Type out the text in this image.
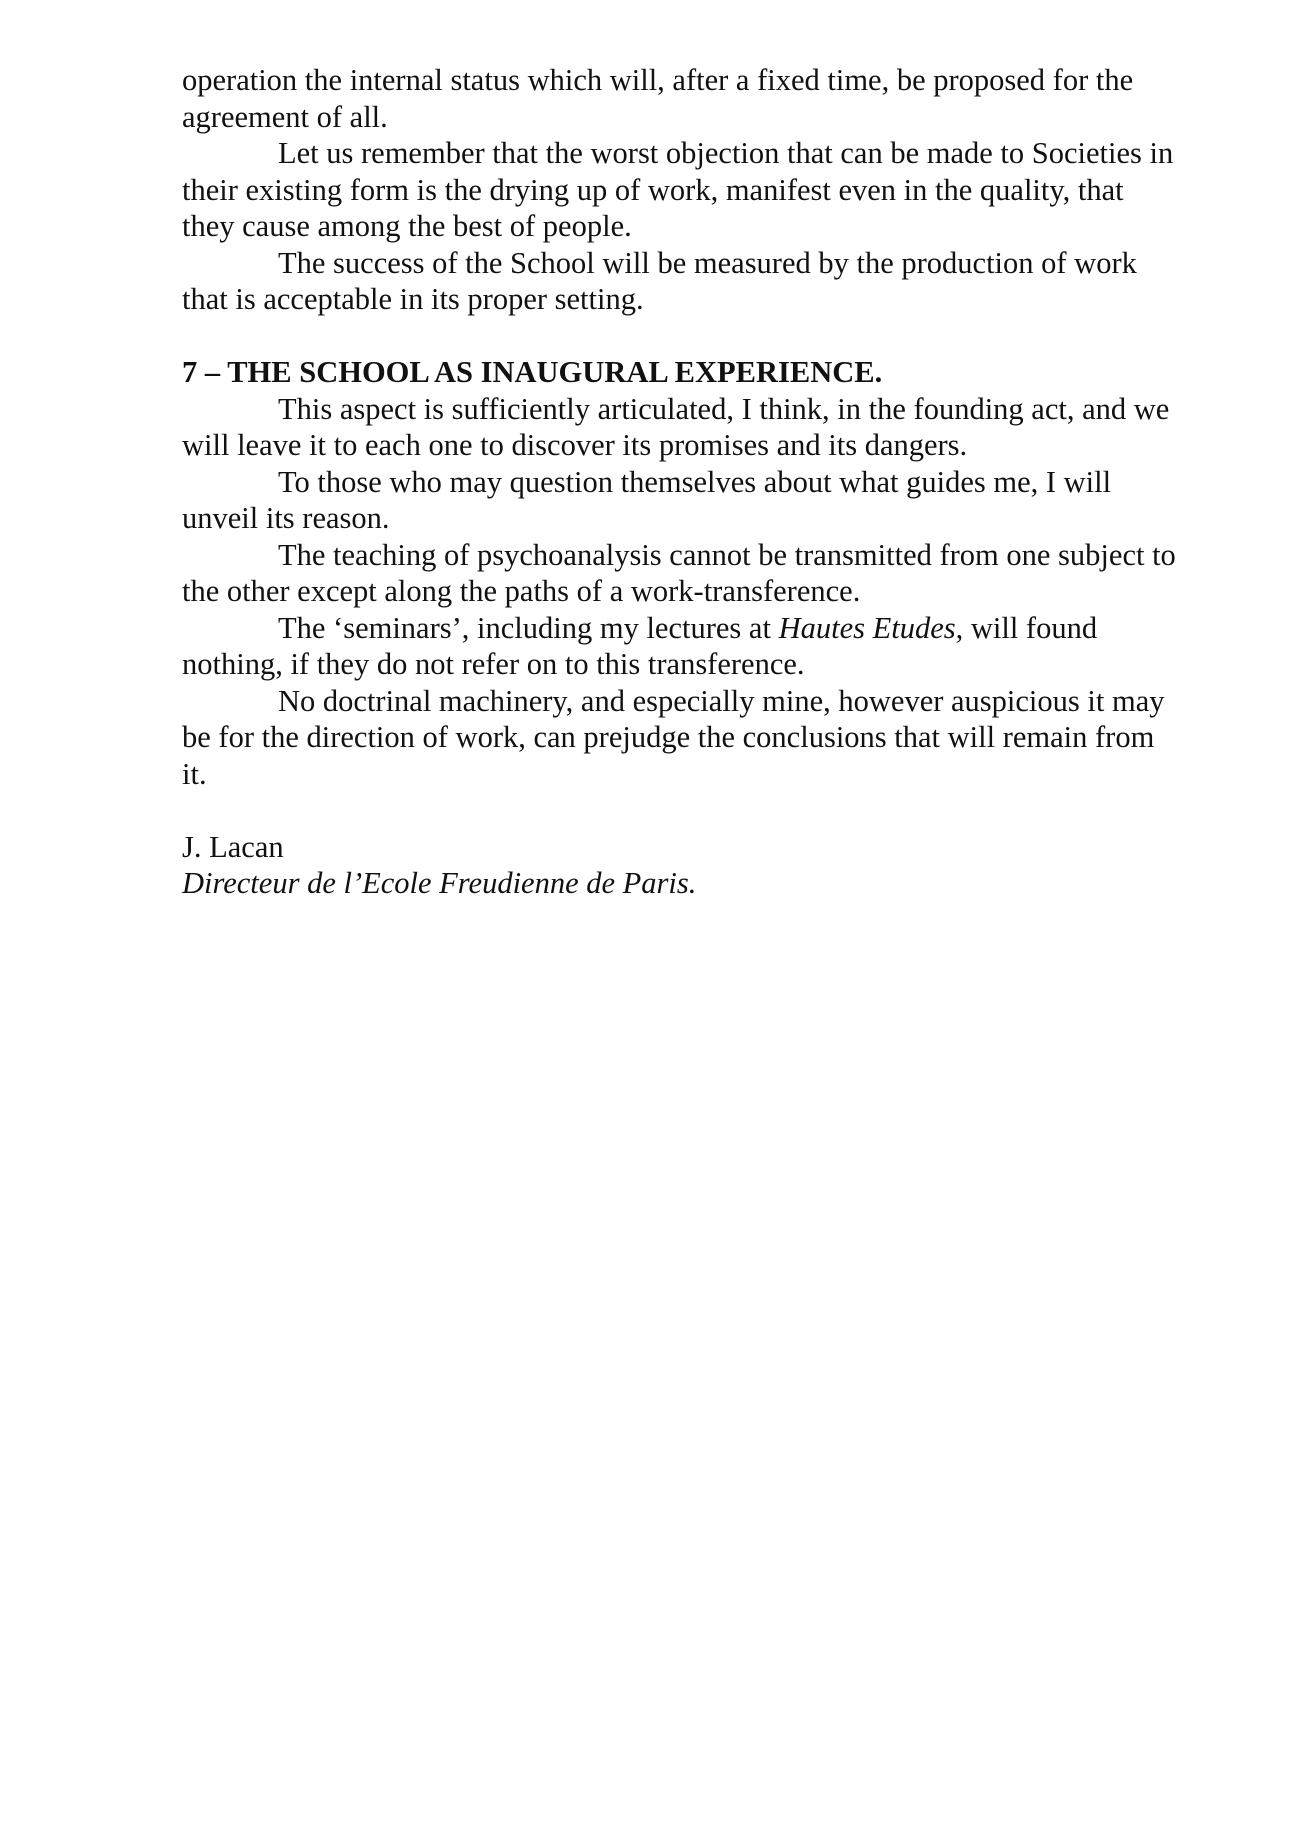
operation the internal status which will, after a fixed time, be proposed for the agreement of all.

Let us remember that the worst objection that can be made to Societies in their existing form is the drying up of work, manifest even in the quality, that they cause among the best of people.

The success of the School will be measured by the production of work that is acceptable in its proper setting.

7 – THE SCHOOL AS INAUGURAL EXPERIENCE.

This aspect is sufficiently articulated, I think, in the founding act, and we will leave it to each one to discover its promises and its dangers.

To those who may question themselves about what guides me, I will unveil its reason.

The teaching of psychoanalysis cannot be transmitted from one subject to the other except along the paths of a work-transference.

The ‘seminars’, including my lectures at Hautes Etudes, will found nothing, if they do not refer on to this transference.

No doctrinal machinery, and especially mine, however auspicious it may be for the direction of work, can prejudge the conclusions that will remain from it.

J. Lacan

Directeur de l’Ecole Freudienne de Paris.
